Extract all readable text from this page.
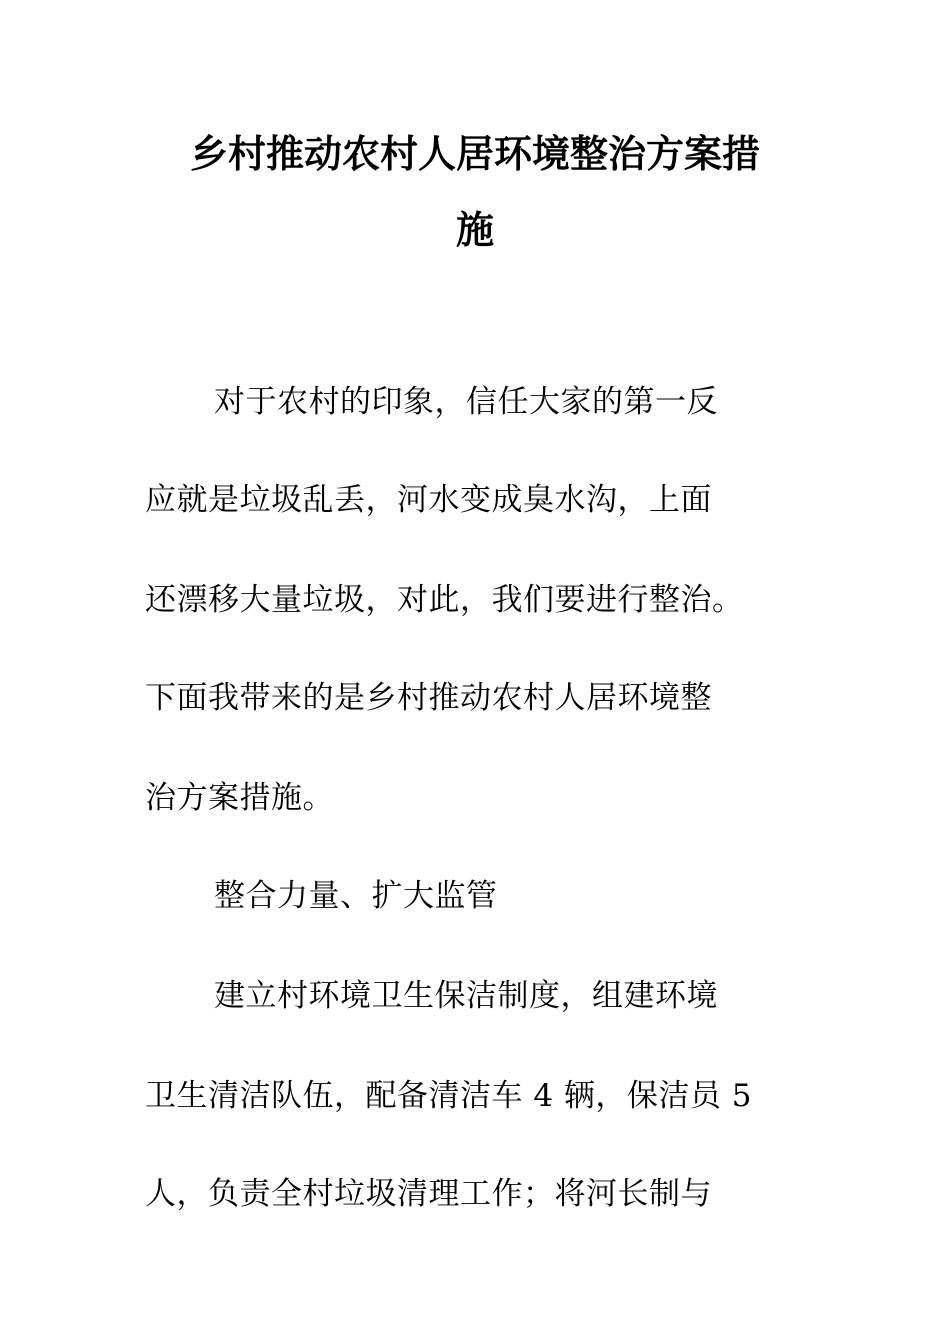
乡村推动农村人居环境整治方案措
施
对于农村的印象，信任大家的第一反
应就是垃圾乱丢，河水变成臭水沟，上面
还漂移大量垃圾，对此，我们要进行整治。
下面我带来的是乡村推动农村人居环境整
治方案措施。
整合力量、扩大监管
建立村环境卫生保洁制度，组建环境
卫生清洁队伍，配备清洁车 4 辆，保洁员 5
人，负责全村垃圾清理工作；将河长制与
